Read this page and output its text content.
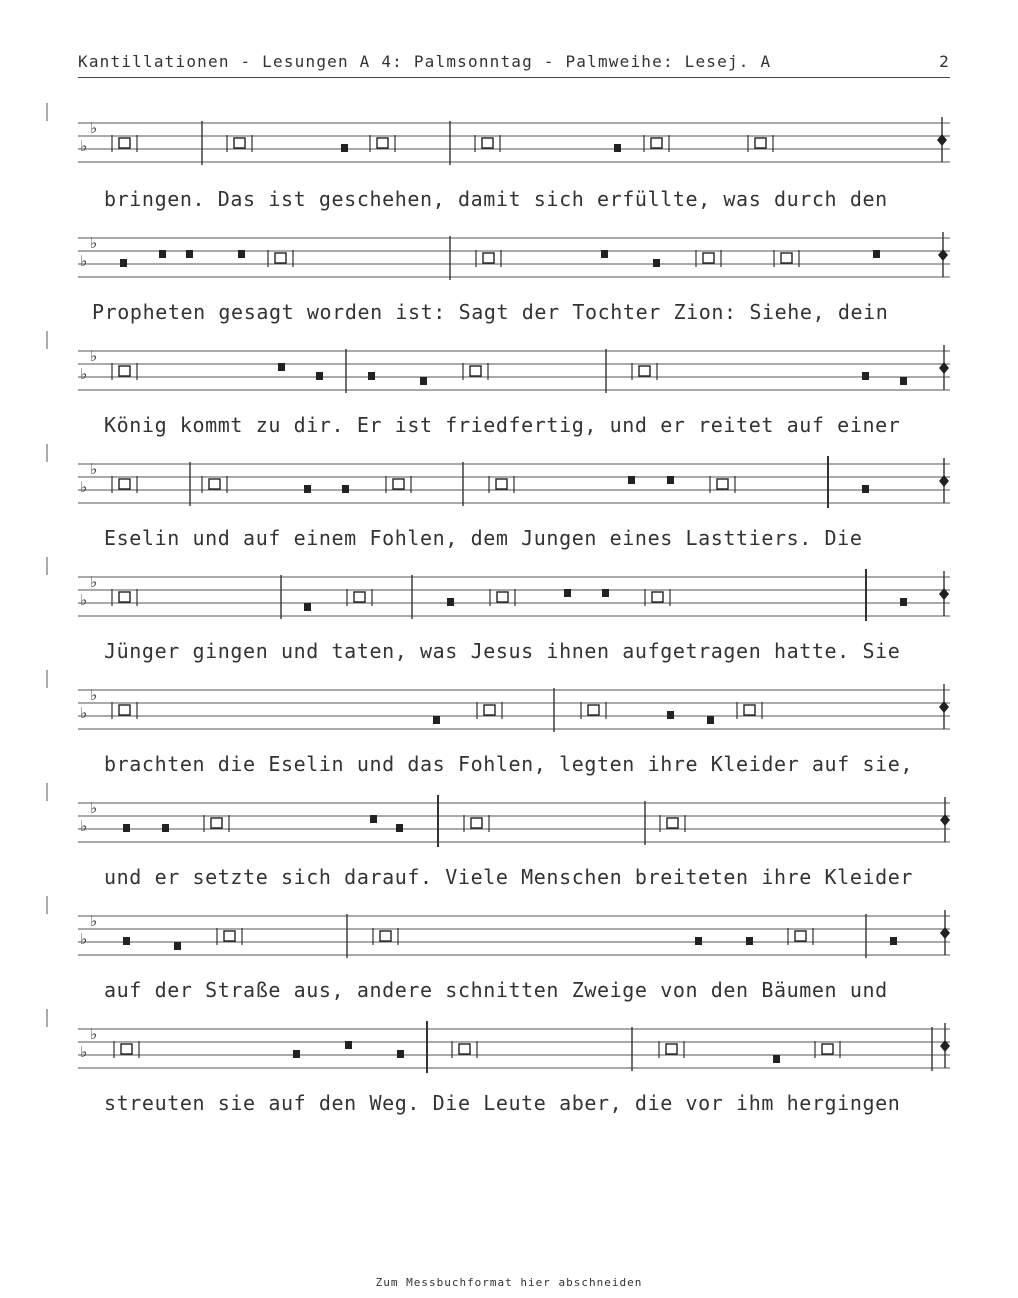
Kantillationen - Lesungen A 4: Palmsonntag - Palmweihe: Lesej. A	2
♭
♭
bringen. Das ist geschehen, damit sich erfüllte, was durch den
♭
♭
Propheten gesagt worden ist: Sagt der Tochter Zion: Siehe, dein
♭
♭
König kommt zu dir. Er ist friedfertig, und er reitet auf einer
♭
♭
Eselin und auf einem Fohlen, dem Jungen eines Lasttiers. Die
♭
♭
Jünger gingen und taten, was Jesus ihnen aufgetragen hatte. Sie
♭
♭
brachten die Eselin und das Fohlen, legten ihre Kleider auf sie,
♭
♭
und er setzte sich darauf. Viele Menschen breiteten ihre Kleider
♭
♭
auf der Straße aus, andere schnitten Zweige von den Bäumen und
♭
♭
streuten sie auf den Weg. Die Leute aber, die vor ihm hergingen
Zum Messbuchformat hier abschneiden
